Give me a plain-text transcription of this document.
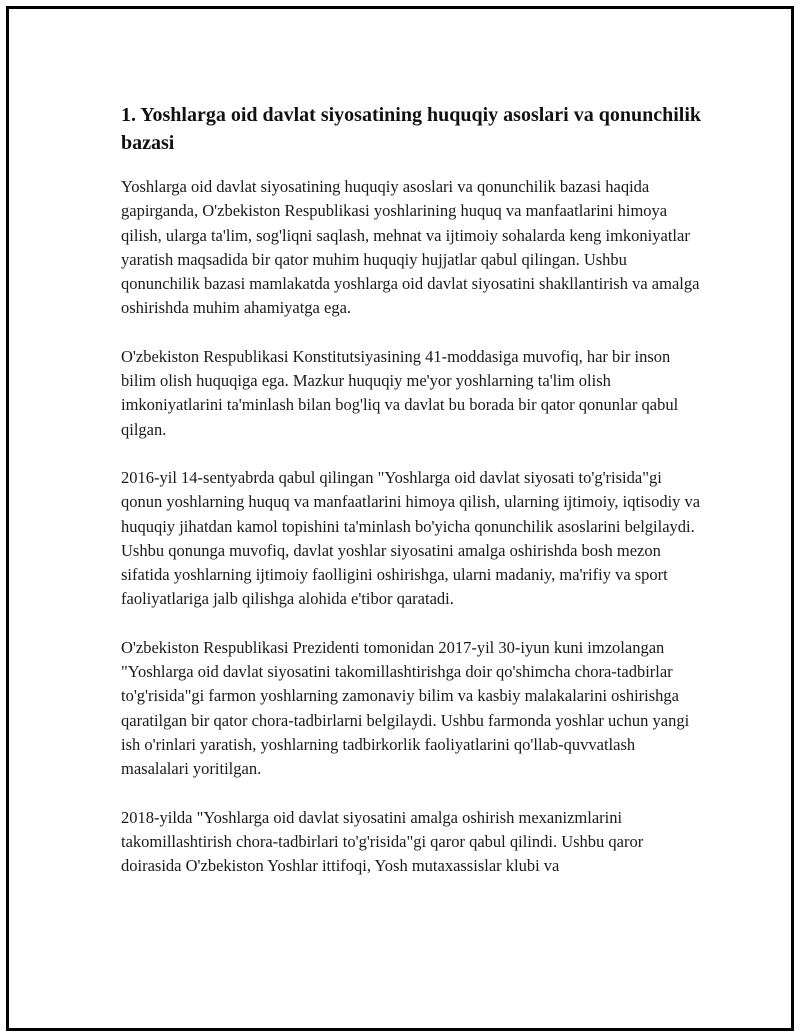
1. Yoshlarga oid davlat siyosatining huquqiy asoslari va qonunchilik bazasi

Yoshlarga oid davlat siyosatining huquqiy asoslari va qonunchilik bazasi haqida gapirganda, O'zbekiston Respublikasi yoshlarining huquq va manfaatlarini himoya qilish, ularga ta'lim, sog'liqni saqlash, mehnat va ijtimoiy sohalarda keng imkoniyatlar yaratish maqsadida bir qator muhim huquqiy hujjatlar qabul qilingan. Ushbu qonunchilik bazasi mamlakatda yoshlarga oid davlat siyosatini shakllantirish va amalga oshirishda muhim ahamiyatga ega.

O'zbekiston Respublikasi Konstitutsiyasining 41-moddasiga muvofiq, har bir inson bilim olish huquqiga ega. Mazkur huquqiy me'yor yoshlarning ta'lim olish imkoniyatlarini ta'minlash bilan bog'liq va davlat bu borada bir qator qonunlar qabul qilgan.

2016-yil 14-sentyabrda qabul qilingan "Yoshlarga oid davlat siyosati to'g'risida"gi qonun yoshlarning huquq va manfaatlarini himoya qilish, ularning ijtimoiy, iqtisodiy va huquqiy jihatdan kamol topishini ta'minlash bo'yicha qonunchilik asoslarini belgilaydi. Ushbu qonunga muvofiq, davlat yoshlar siyosatini amalga oshirishda bosh mezon sifatida yoshlarning ijtimoiy faolligini oshirishga, ularni madaniy, ma'rifiy va sport faoliyatlariga jalb qilishga alohida e'tibor qaratadi.

O'zbekiston Respublikasi Prezidenti tomonidan 2017-yil 30-iyun kuni imzolangan "Yoshlarga oid davlat siyosatini takomillashtirishga doir qo'shimcha chora-tadbirlar to'g'risida"gi farmon yoshlarning zamonaviy bilim va kasbiy malakalarini oshirishga qaratilgan bir qator chora-tadbirlarni belgilaydi. Ushbu farmonda yoshlar uchun yangi ish o'rinlari yaratish, yoshlarning tadbirkorlik faoliyatlarini qo'llab-quvvatlash masalalari yoritilgan.

2018-yilda "Yoshlarga oid davlat siyosatini amalga oshirish mexanizmlarini takomillashtirish chora-tadbirlari to'g'risida"gi qaror qabul qilindi. Ushbu qaror doirasida O'zbekiston Yoshlar ittifoqi, Yosh mutaxassislar klubi va
